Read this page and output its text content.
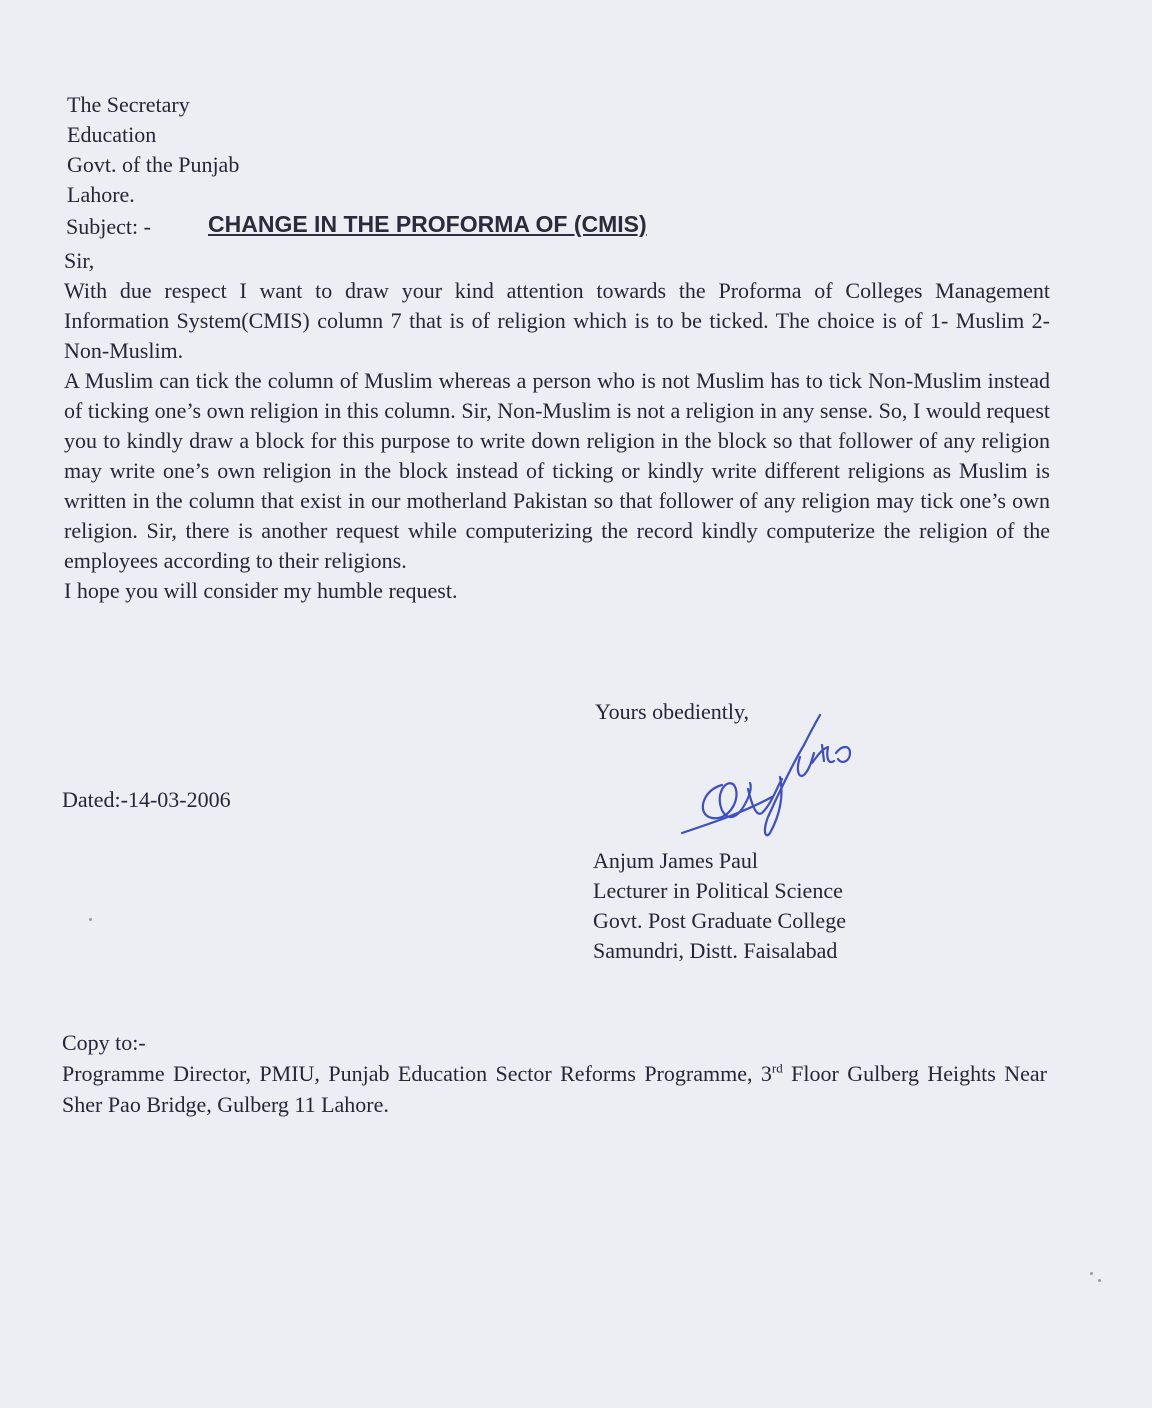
The Secretary
Education
Govt. of the Punjab
Lahore.
Subject: - CHANGE IN THE PROFORMA OF (CMIS)
Sir,
With due respect I want to draw your kind attention towards the Proforma of Colleges Management Information System(CMIS) column 7 that is of religion which is to be ticked. The choice is of 1- Muslim 2- Non-Muslim.
A Muslim can tick the column of Muslim whereas a person who is not Muslim has to tick Non-Muslim instead of ticking one’s own religion in this column. Sir, Non-Muslim is not a religion in any sense. So, I would request you to kindly draw a block for this purpose to write down religion in the block so that follower of any religion may write one’s own religion in the block instead of ticking or kindly write different religions as Muslim is written in the column that exist in our motherland Pakistan so that follower of any religion may tick one’s own religion. Sir, there is another request while computerizing the record kindly computerize the religion of the employees according to their religions.
I hope you will consider my humble request.
Yours obediently,
Dated:-14-03-2006
Anjum James Paul
Lecturer in Political Science
Govt. Post Graduate College
Samundri, Distt. Faisalabad
Copy to:-
Programme Director, PMIU, Punjab Education Sector Reforms Programme, 3rd Floor Gulberg Heights Near Sher Pao Bridge, Gulberg 11 Lahore.
